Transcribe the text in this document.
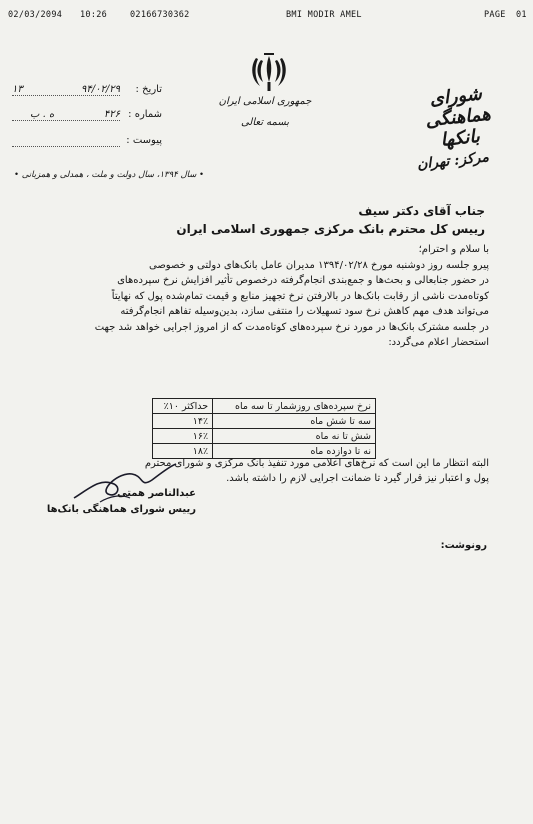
02/03/2094 10:26	02166730362	BMI MODIR AMEL	PAGE 01
جمهوری اسلامی ایران
بسمه تعالی
شورای هماهنگی بانکها
مرکز: تهران
تاریخ :
۹۴/۰۲/۲۹
۱۳
شماره :
۴۲۶
ه . ب
پیوست :
• سال ۱۳۹۴، سال دولت و ملت ، همدلی و همزبانی •
جناب آقای دکتر سیف
رییس کل محترم بانک مرکزی جمهوری اسلامی ایران
با سلام و احترام؛
پیرو جلسه روز دوشنبه مورخ ۱۳۹۴/۰۲/۲۸ مدیران عامل بانک‌های دولتی و خصوصی
در حضور جنابعالی و بحث‌ها و جمع‌بندی انجام‌گرفته درخصوص تأثیر افزایش نرخ سپرده‌های
کوتاه‌مدت ناشی از رقابت بانک‌ها در بالارفتن نرخ تجهیز منابع و قیمت تمام‌شده پول که نهایتاً
می‌تواند هدف مهم کاهش نرخ سود تسهیلات را منتفی سازد، بدین‌وسیله تفاهم انجام‌گرفته
در جلسه مشترک بانک‌ها در مورد نرخ سپرده‌های کوتاه‌مدت که از امروز اجرایی خواهد شد جهت
استحضار اعلام می‌گردد:
نرخ سپرده‌های روزشمار تا سه ماه	حداکثر ۱۰٪
سه تا شش ماه	۱۴٪
شش تا نه ماه	۱۶٪
نه تا دوازده ماه	۱۸٪
البته انتظار ما این است که نرخ‌های اعلامی مورد تنفیذ بانک مرکزی و شورای محترم
پول و اعتبار نیز قرار گیرد تا ضمانت اجرایی لازم را داشته باشد.
عبدالناصر همتی
رییس شورای هماهنگی بانک‌ها
رونوشت:
